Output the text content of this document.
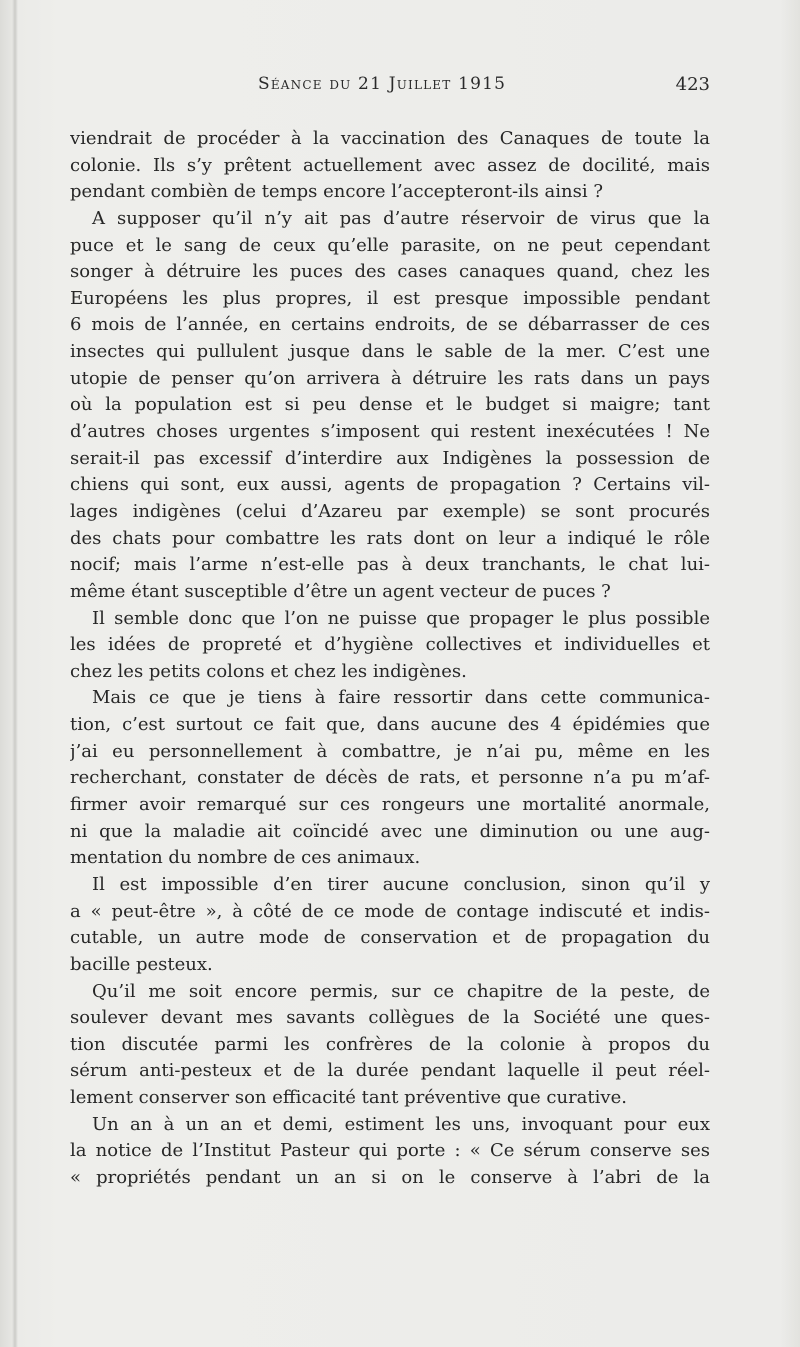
Séance du 21 Juillet 1915	423
viendrait de procéder à la vaccination des Canaques de toute la
colonie. Ils s’y prêtent actuellement avec assez de docilité, mais
pendant combièn de temps encore l’accepteront-ils ainsi ?
A supposer qu’il n’y ait pas d’autre réservoir de virus que la
puce et le sang de ceux qu’elle parasite, on ne peut cependant
songer à détruire les puces des cases canaques quand, chez les
Européens les plus propres, il est presque impossible pendant
6 mois de l’année, en certains endroits, de se débarrasser de ces
insectes qui pullulent jusque dans le sable de la mer. C’est une
utopie de penser qu’on arrivera à détruire les rats dans un pays
où la population est si peu dense et le budget si maigre; tant
d’autres choses urgentes s’imposent qui restent inexécutées ! Ne
serait-il pas excessif d’interdire aux Indigènes la possession de
chiens qui sont, eux aussi, agents de propagation ? Certains vil-
lages indigènes (celui d’Azareu par exemple) se sont procurés
des chats pour combattre les rats dont on leur a indiqué le rôle
nocif; mais l’arme n’est-elle pas à deux tranchants, le chat lui-
même étant susceptible d’être un agent vecteur de puces ?
Il semble donc que l’on ne puisse que propager le plus possible
les idées de propreté et d’hygiène collectives et individuelles et
chez les petits colons et chez les indigènes.
Mais ce que je tiens à faire ressortir dans cette communica-
tion, c’est surtout ce fait que, dans aucune des 4 épidémies que
j’ai eu personnellement à combattre, je n’ai pu, même en les
recherchant, constater de décès de rats, et personne n’a pu m’af-
firmer avoir remarqué sur ces rongeurs une mortalité anormale,
ni que la maladie ait coïncidé avec une diminution ou une aug-
mentation du nombre de ces animaux.
Il est impossible d’en tirer aucune conclusion, sinon qu’il y
a « peut-être », à côté de ce mode de contage indiscuté et indis-
cutable, un autre mode de conservation et de propagation du
bacille pesteux.
Qu’il me soit encore permis, sur ce chapitre de la peste, de
soulever devant mes savants collègues de la Société une ques-
tion discutée parmi les confrères de la colonie à propos du
sérum anti-pesteux et de la durée pendant laquelle il peut réel-
lement conserver son efficacité tant préventive que curative.
Un an à un an et demi, estiment les uns, invoquant pour eux
la notice de l’Institut Pasteur qui porte : « Ce sérum conserve ses
« propriétés pendant un an si on le conserve à l’abri de la
